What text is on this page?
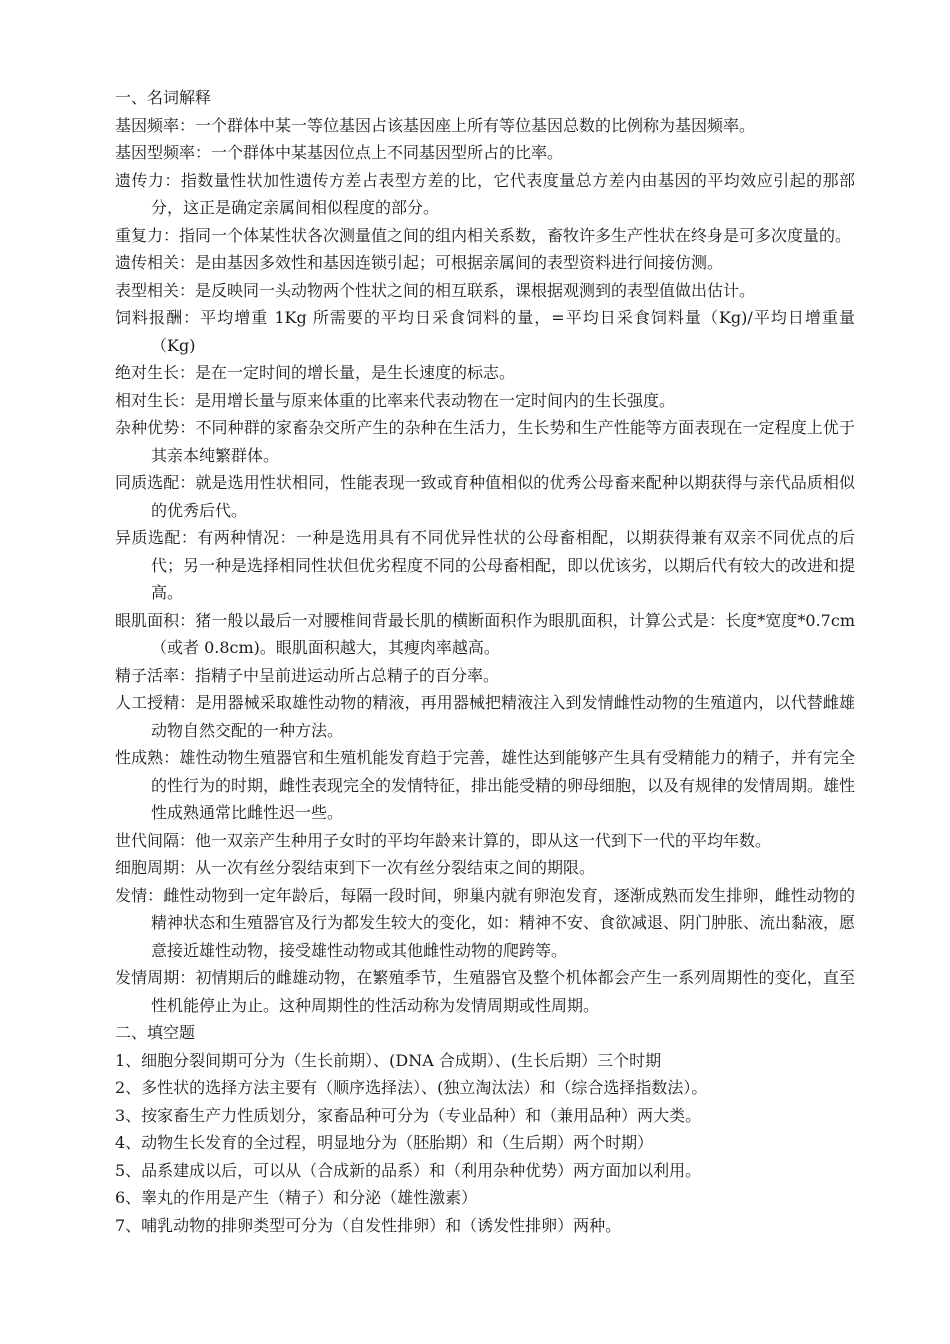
一、名词解释

基因频率：一个群体中某一等位基因占该基因座上所有等位基因总数的比例称为基因频率。

基因型频率：一个群体中某基因位点上不同基因型所占的比率。

遗传力：指数量性状加性遗传方差占表型方差的比，它代表度量总方差内由基因的平均效应引起的那部分，这正是确定亲属间相似程度的部分。

重复力：指同一个体某性状各次测量值之间的组内相关系数，畜牧许多生产性状在终身是可多次度量的。

遗传相关：是由基因多效性和基因连锁引起；可根据亲属间的表型资料进行间接仿测。

表型相关：是反映同一头动物两个性状之间的相互联系，课根据观测到的表型值做出估计。

饲料报酬：平均增重 1Kg 所需要的平均日采食饲料的量，=平均日采食饲料量（Kg)/平均日增重量（Kg)

绝对生长：是在一定时间的增长量，是生长速度的标志。

相对生长：是用增长量与原来体重的比率来代表动物在一定时间内的生长强度。

杂种优势：不同种群的家畜杂交所产生的杂种在生活力，生长势和生产性能等方面表现在一定程度上优于其亲本纯繁群体。

同质选配：就是选用性状相同，性能表现一致或育种值相似的优秀公母畜来配种以期获得与亲代品质相似的优秀后代。

异质选配：有两种情况：一种是选用具有不同优异性状的公母畜相配，以期获得兼有双亲不同优点的后代；另一种是选择相同性状但优劣程度不同的公母畜相配，即以优该劣，以期后代有较大的改进和提高。

眼肌面积：猪一般以最后一对腰椎间背最长肌的横断面积作为眼肌面积，计算公式是：长度*宽度*0.7cm（或者 0.8cm)。眼肌面积越大，其瘦肉率越高。

精子活率：指精子中呈前进运动所占总精子的百分率。

人工授精：是用器械采取雄性动物的精液，再用器械把精液注入到发情雌性动物的生殖道内，以代替雌雄动物自然交配的一种方法。

性成熟：雄性动物生殖器官和生殖机能发育趋于完善，雄性达到能够产生具有受精能力的精子，并有完全的性行为的时期，雌性表现完全的发情特征，排出能受精的卵母细胞，以及有规律的发情周期。雄性性成熟通常比雌性迟一些。

世代间隔：他一双亲产生种用子女时的平均年龄来计算的，即从这一代到下一代的平均年数。

细胞周期：从一次有丝分裂结束到下一次有丝分裂结束之间的期限。

发情：雌性动物到一定年龄后，每隔一段时间，卵巢内就有卵泡发育，逐渐成熟而发生排卵，雌性动物的精神状态和生殖器官及行为都发生较大的变化，如：精神不安、食欲减退、阴门肿胀、流出黏液，愿意接近雄性动物，接受雄性动物或其他雌性动物的爬跨等。

发情周期：初情期后的雌雄动物，在繁殖季节，生殖器官及整个机体都会产生一系列周期性的变化，直至性机能停止为止。这种周期性的性活动称为发情周期或性周期。

二、填空题

1、细胞分裂间期可分为（生长前期）、(DNA 合成期）、(生长后期）三个时期

2、多性状的选择方法主要有（顺序选择法）、(独立淘汰法）和（综合选择指数法）。

3、按家畜生产力性质划分，家畜品种可分为（专业品种）和（兼用品种）两大类。

4、动物生长发育的全过程，明显地分为（胚胎期）和（生后期）两个时期）

5、品系建成以后，可以从（合成新的品系）和（利用杂种优势）两方面加以利用。

6、睾丸的作用是产生（精子）和分泌（雄性激素）

7、哺乳动物的排卵类型可分为（自发性排卵）和（诱发性排卵）两种。
